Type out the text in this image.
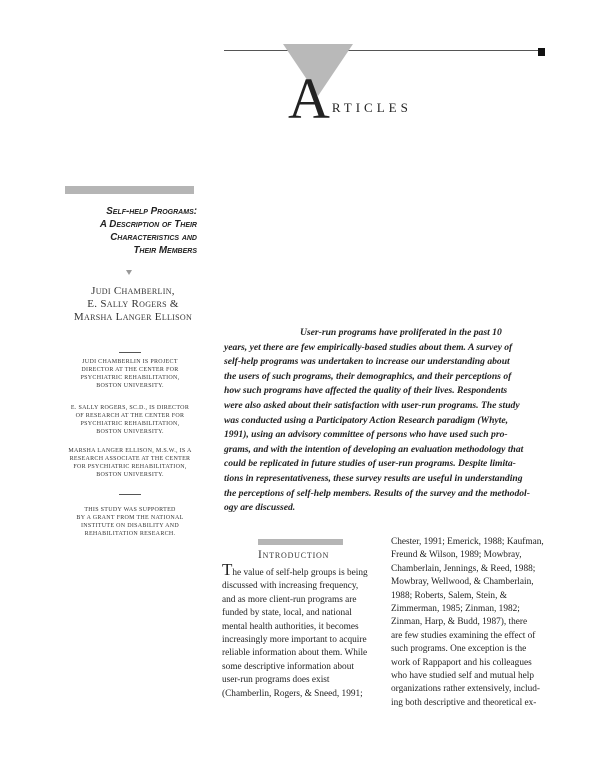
A RTICLES
Self-help Programs:
A Description of Their
Characteristics and
Their Members
Judi Chamberlin,
E. Sally Rogers &
Marsha Langer Ellison
JUDI CHAMBERLIN IS PROJECT
DIRECTOR AT THE CENTER FOR
PSYCHIATRIC REHABILITATION,
BOSTON UNIVERSITY.
E. SALLY ROGERS, SC.D., IS DIRECTOR
OF RESEARCH AT THE CENTER FOR
PSYCHIATRIC REHABILITATION,
BOSTON UNIVERSITY.
MARSHA LANGER ELLISON, M.S.W., IS A
RESEARCH ASSOCIATE AT THE CENTER
FOR PSYCHIATRIC REHABILITATION,
BOSTON UNIVERSITY.
THIS STUDY WAS SUPPORTED
BY A GRANT FROM THE NATIONAL
INSTITUTE ON DISABILITY AND
REHABILITATION RESEARCH.
User-run programs have proliferated in the past 10
years, yet there are few empirically-based studies about them. A survey of
self-help programs was undertaken to increase our understanding about
the users of such programs, their demographics, and their perceptions of
how such programs have affected the quality of their lives. Respondents
were also asked about their satisfaction with user-run programs. The study
was conducted using a Participatory Action Research paradigm (Whyte,
1991), using an advisory committee of persons who have used such pro-
grams, and with the intention of developing an evaluation methodology that
could be replicated in future studies of user-run programs. Despite limita-
tions in representativeness, these survey results are useful in understanding
the perceptions of self-help members. Results of the survey and the methodol-
ogy are discussed.
Introduction
The value of self-help groups is being
discussed with increasing frequency,
and as more client-run programs are
funded by state, local, and national
mental health authorities, it becomes
increasingly more important to acquire
reliable information about them. While
some descriptive information about
user-run programs does exist
(Chamberlin, Rogers, & Sneed, 1991;
Chester, 1991; Emerick, 1988; Kaufman,
Freund & Wilson, 1989; Mowbray,
Chamberlain, Jennings, & Reed, 1988;
Mowbray, Wellwood, & Chamberlain,
1988; Roberts, Salem, Stein, &
Zimmerman, 1985; Zinman, 1982;
Zinman, Harp, & Budd, 1987), there
are few studies examining the effect of
such programs. One exception is the
work of Rappaport and his colleagues
who have studied self and mutual help
organizations rather extensively, includ-
ing both descriptive and theoretical ex-
